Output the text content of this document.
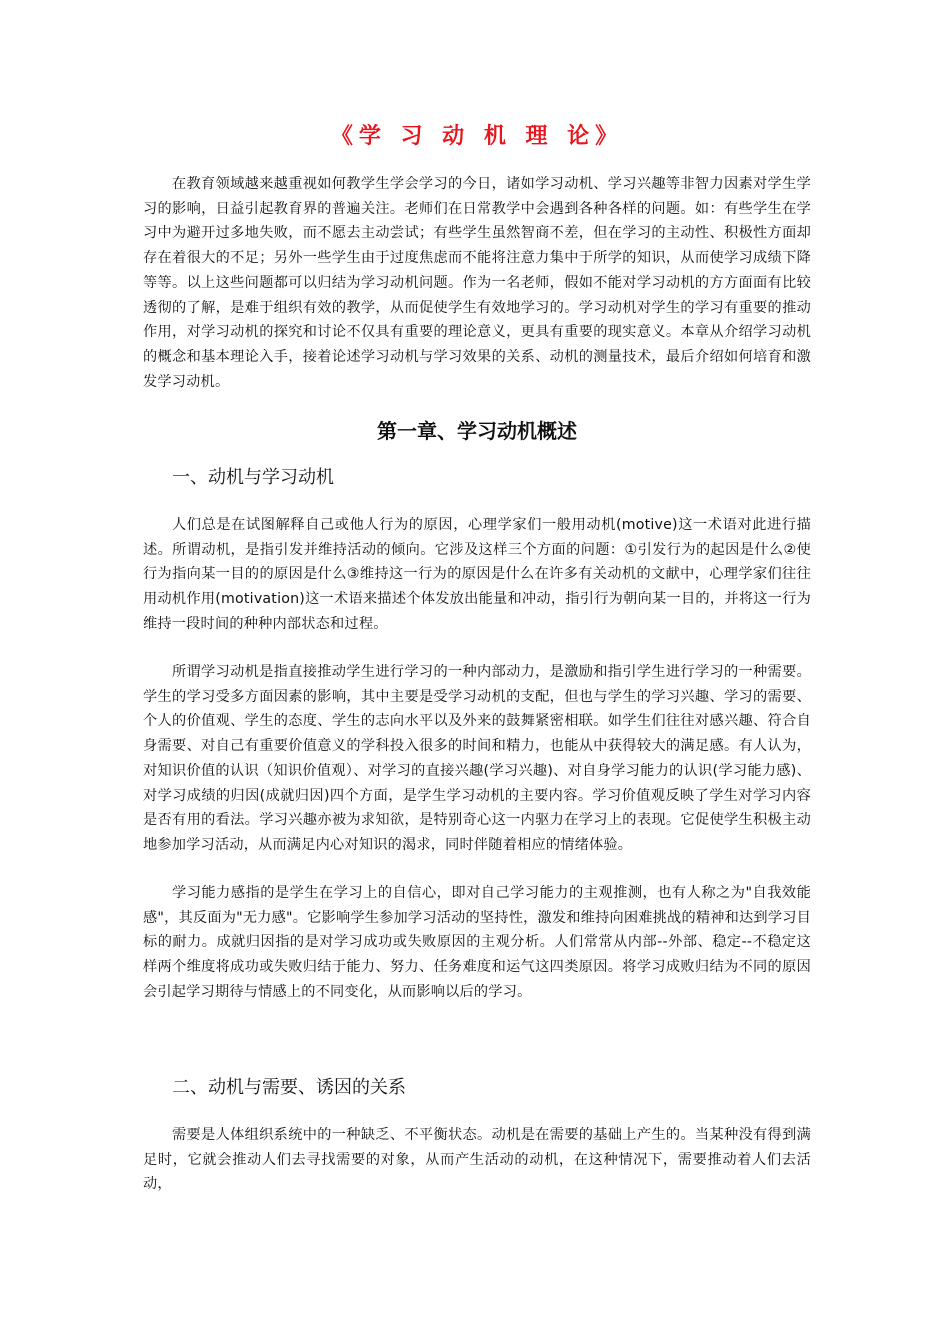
《学 习 动 机 理 论》

在教育领域越来越重视如何教学生学会学习的今日，诸如学习动机、学习兴趣等非智力因素对学生学习的影响，日益引起教育界的普遍关注。老师们在日常教学中会遇到各种各样的问题。如：有些学生在学习中为避开过多地失败，而不愿去主动尝试；有些学生虽然智商不差，但在学习的主动性、积极性方面却存在着很大的不足；另外一些学生由于过度焦虑而不能将注意力集中于所学的知识，从而使学习成绩下降等等。以上这些问题都可以归结为学习动机问题。作为一名老师，假如不能对学习动机的方方面面有比较透彻的了解，是难于组织有效的教学，从而促使学生有效地学习的。学习动机对学生的学习有重要的推动作用，对学习动机的探究和讨论不仅具有重要的理论意义，更具有重要的现实意义。本章从介绍学习动机的概念和基本理论入手，接着论述学习动机与学习效果的关系、动机的测量技术，最后介绍如何培育和激发学习动机。

第一章、学习动机概述
一、动机与学习动机

人们总是在试图解释自己或他人行为的原因，心理学家们一般用动机(motive)这一术语对此进行描述。所谓动机，是指引发并维持活动的倾向。它涉及这样三个方面的问题：①引发行为的起因是什么②使行为指向某一目的的原因是什么③维持这一行为的原因是什么在许多有关动机的文献中，心理学家们往往用动机作用(motivation)这一术语来描述个体发放出能量和冲动，指引行为朝向某一目的，并将这一行为维持一段时间的种种内部状态和过程。

所谓学习动机是指直接推动学生进行学习的一种内部动力，是激励和指引学生进行学习的一种需要。学生的学习受多方面因素的影响，其中主要是受学习动机的支配，但也与学生的学习兴趣、学习的需要、个人的价值观、学生的态度、学生的志向水平以及外来的鼓舞紧密相联。如学生们往往对感兴趣、符合自身需要、对自己有重要价值意义的学科投入很多的时间和精力，也能从中获得较大的满足感。有人认为，对知识价值的认识（知识价值观）、对学习的直接兴趣(学习兴趣)、对自身学习能力的认识(学习能力感)、对学习成绩的归因(成就归因)四个方面，是学生学习动机的主要内容。学习价值观反映了学生对学习内容是否有用的看法。学习兴趣亦被为求知欲，是特别奇心这一内驱力在学习上的表现。它促使学生积极主动地参加学习活动，从而满足内心对知识的渴求，同时伴随着相应的情绪体验。

学习能力感指的是学生在学习上的自信心，即对自己学习能力的主观推测，也有人称之为"自我效能感"，其反面为"无力感"。它影响学生参加学习活动的坚持性，激发和维持向困难挑战的精神和达到学习目标的耐力。成就归因指的是对学习成功或失败原因的主观分析。人们常常从内部--外部、稳定--不稳定这样两个维度将成功或失败归结于能力、努力、任务难度和运气这四类原因。将学习成败归结为不同的原因会引起学习期待与情感上的不同变化，从而影响以后的学习。

二、动机与需要、诱因的关系

需要是人体组织系统中的一种缺乏、不平衡状态。动机是在需要的基础上产生的。当某种没有得到满足时，它就会推动人们去寻找需要的对象，从而产生活动的动机，在这种情况下，需要推动着人们去活动，
